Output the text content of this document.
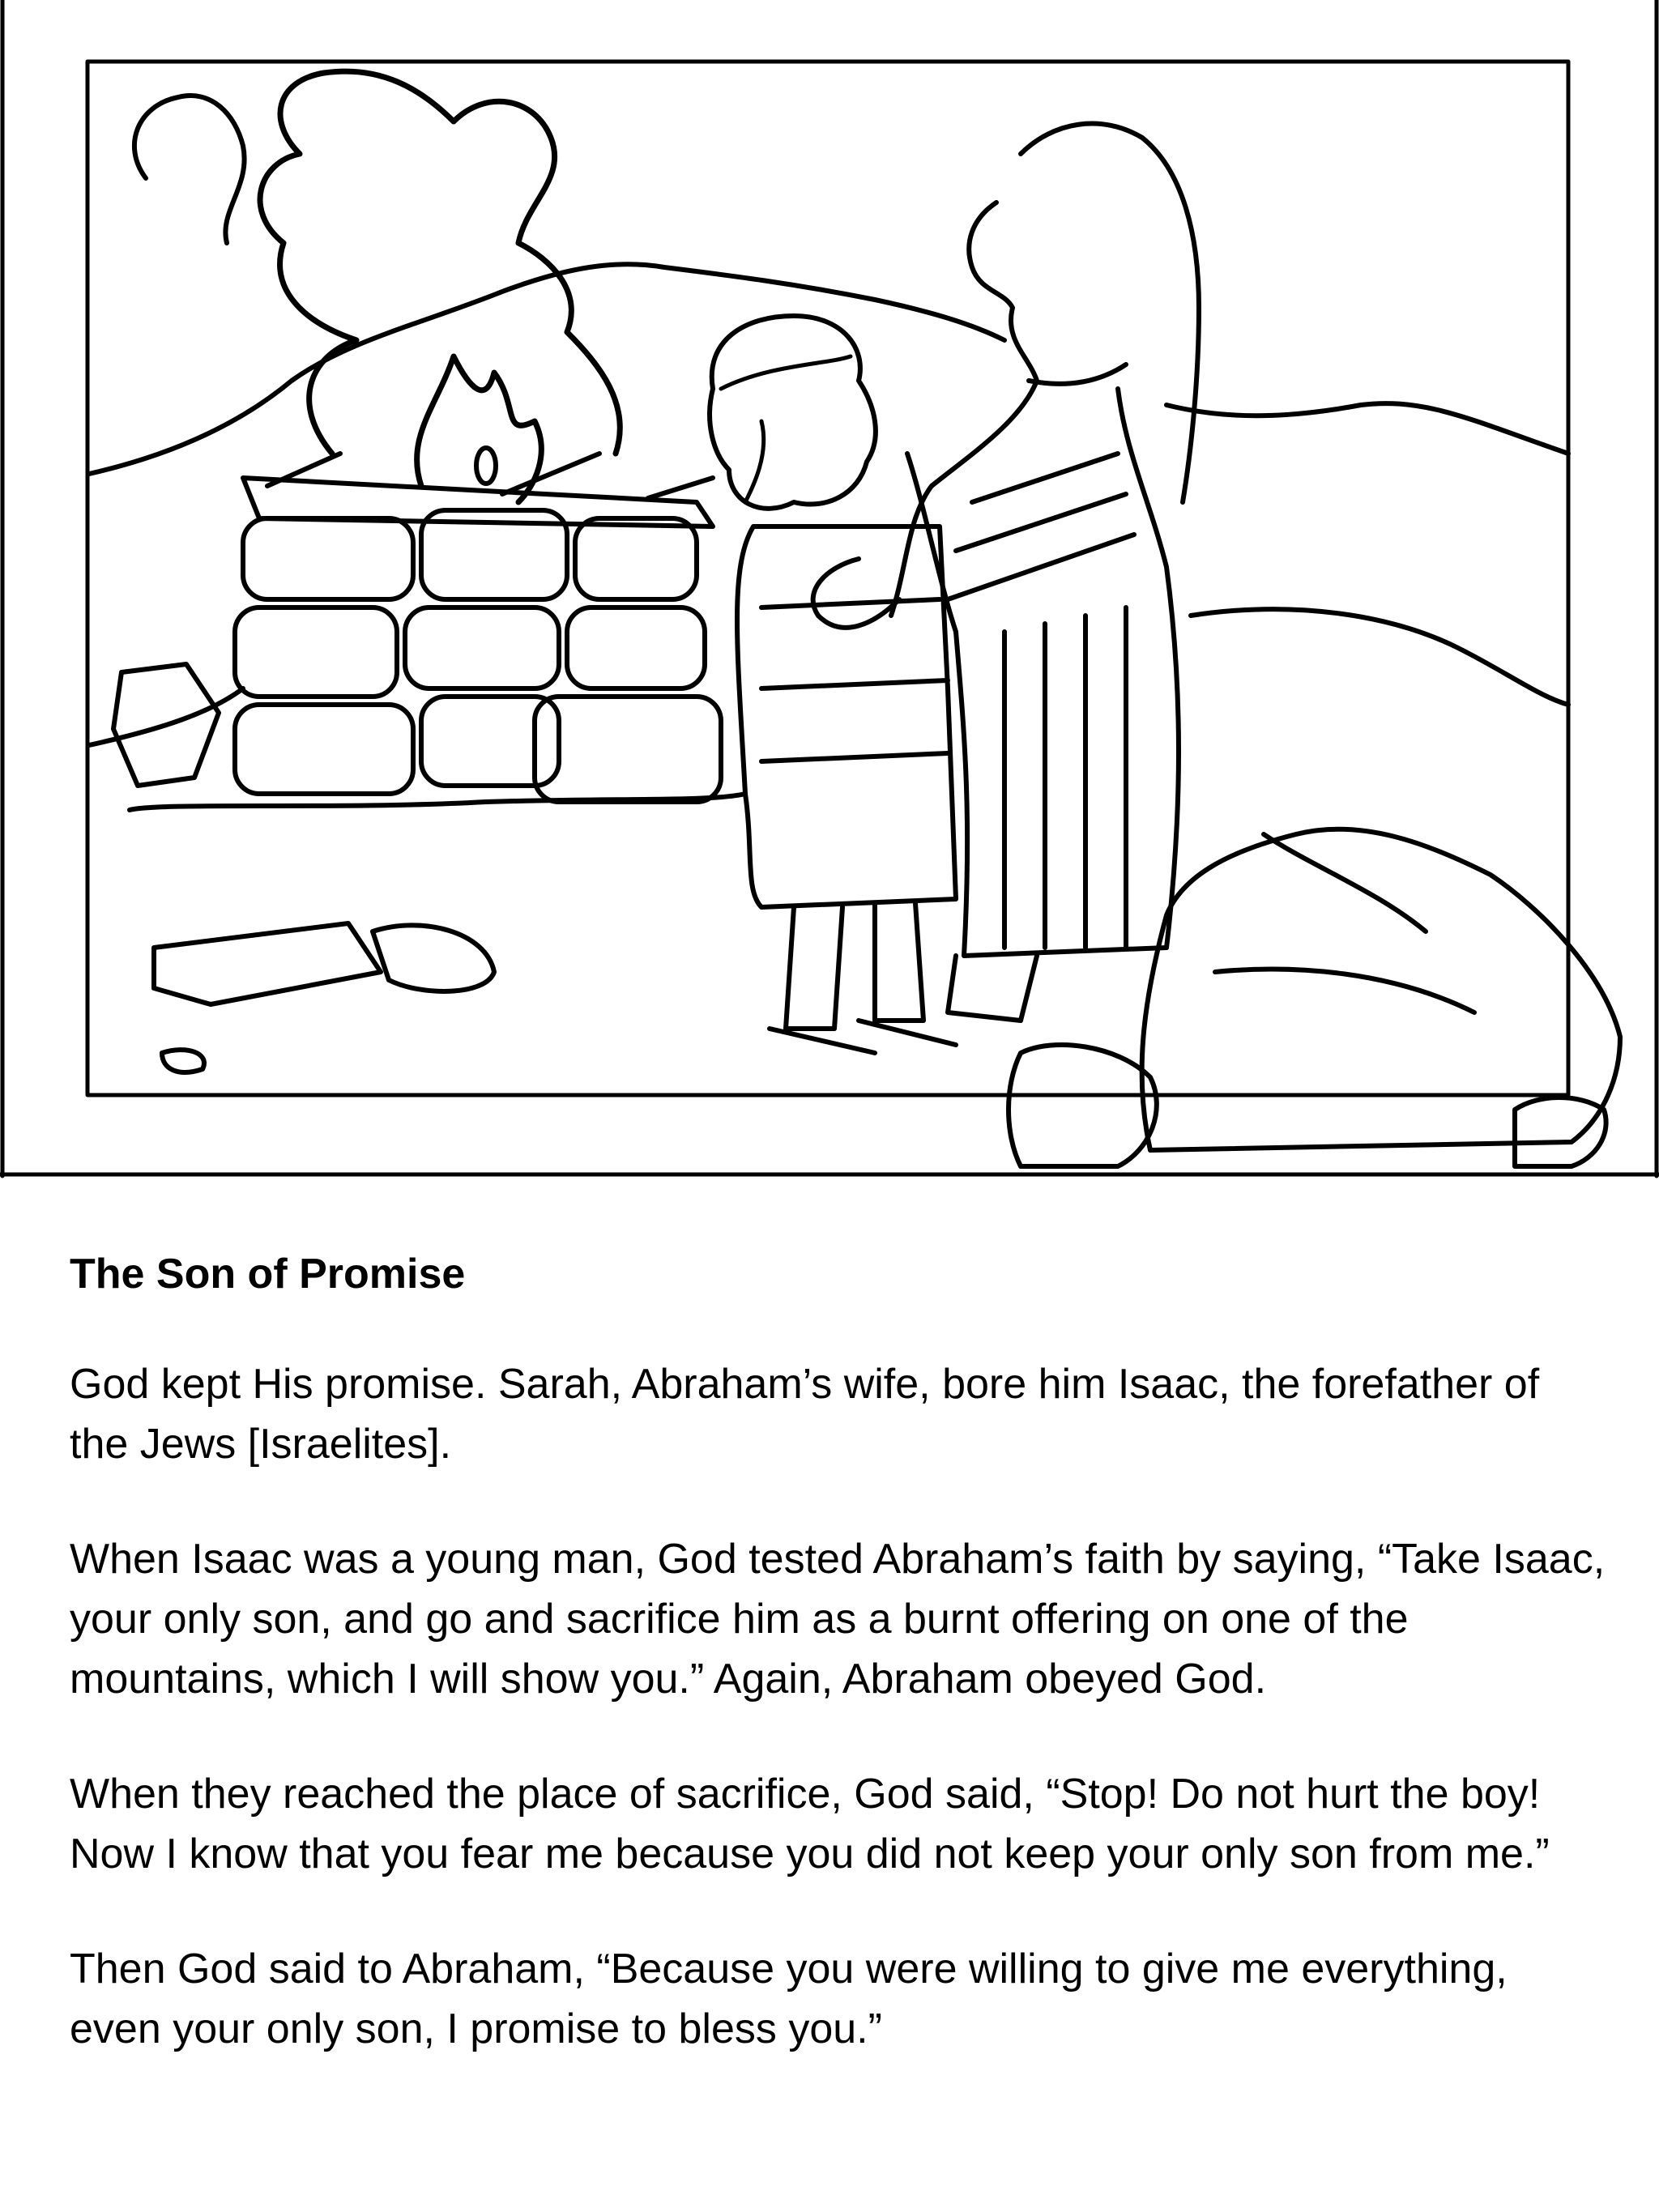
The Son of Promise

God kept His promise. Sarah, Abraham’s wife, bore him Isaac, the forefather of the Jews [Israelites].

When Isaac was a young man, God tested Abraham’s faith by saying, “Take Isaac, your only son, and go and sacrifice him as a burnt offering on one of the mountains, which I will show you.” Again, Abraham obeyed God.

When they reached the place of sacrifice, God said, “Stop! Do not hurt the boy! Now I know that you fear me because you did not keep your only son from me.”

Then God said to Abraham, “Because you were willing to give me everything, even your only son, I promise to bless you.”
